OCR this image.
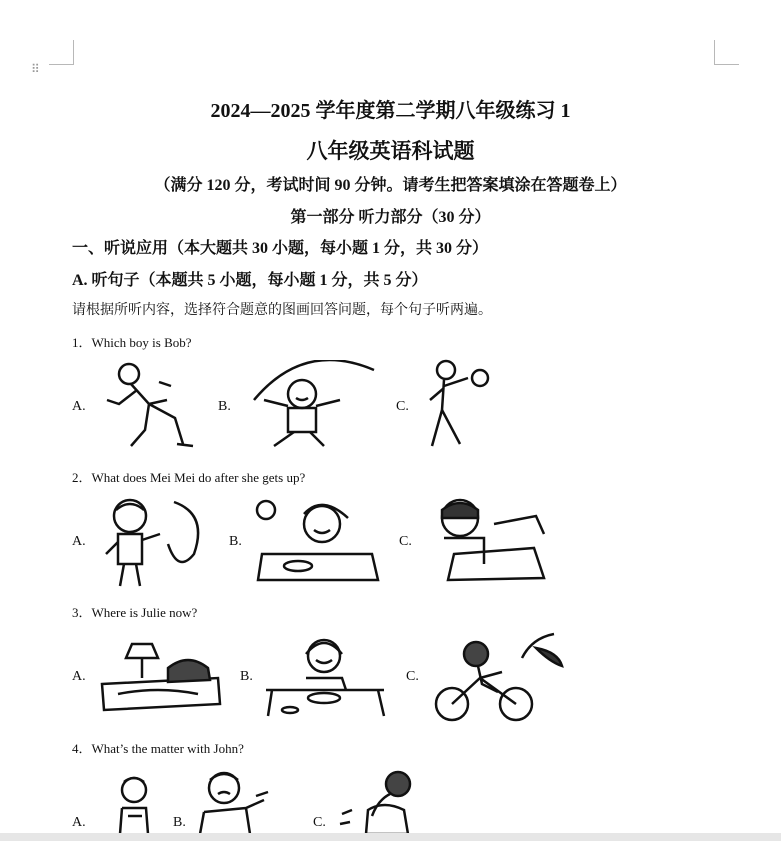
⠿
2024—2025 学年度第二学期八年级练习 1
八年级英语科试题
（满分 120 分，考试时间 90 分钟。请考生把答案填涂在答题卷上）
第一部分 听力部分（30 分）
一、听说应用（本大题共 30 小题，每小题 1 分，共 30 分）
A. 听句子（本题共 5 小题，每小题 1 分，共 5 分）
请根据所听内容，选择符合题意的图画回答问题，每个句子听两遍。
1．Which boy is Bob?
A.	B.	C.
2．What does Mei Mei do after she gets up?
A.	B.	C.
3．Where is Julie now?
A.	B.	C.
4．What’s the matter with John?
A.	B.	C.
